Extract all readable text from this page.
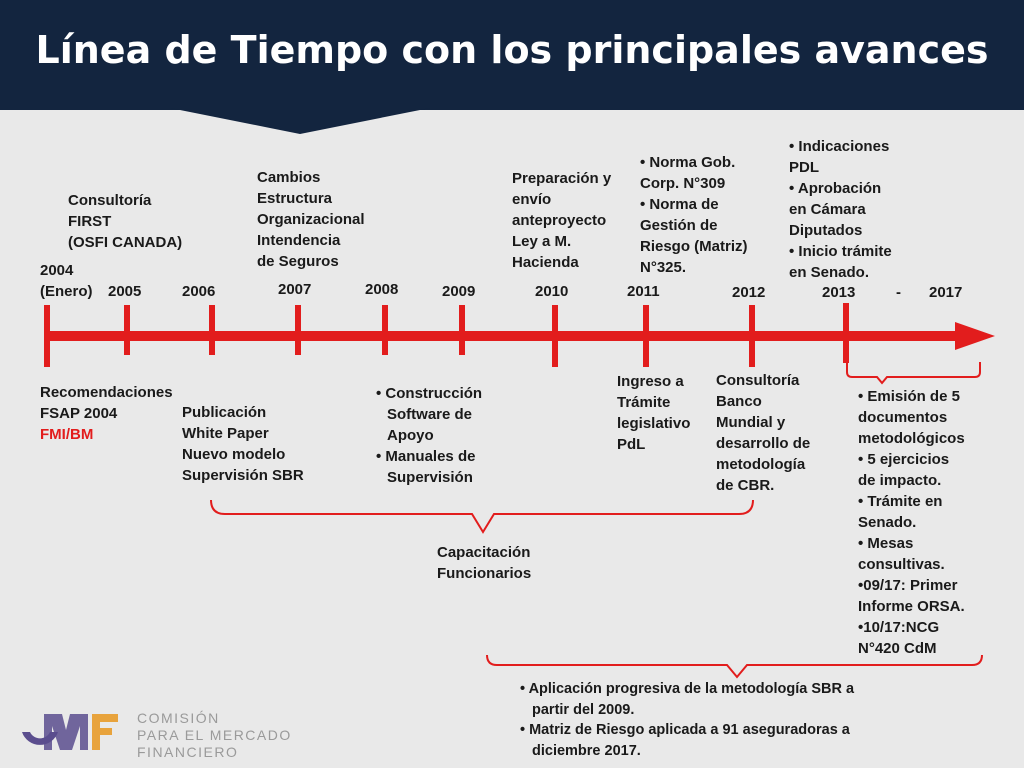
Línea de Tiempo con los principales avances
2004
(Enero) 2005	2006	2007	2008	2009	2010	2011	2012	2013	- 2017
Consultoría
FIRST
(OSFI CANADA)
Cambios
Estructura
Organizacional
Intendencia
de Seguros
Preparación y
envío
anteproyecto
Ley a M.
Hacienda
• Norma Gob.
Corp. N°309
• Norma de
Gestión de
Riesgo (Matriz)
N°325.
• Indicaciones
PDL
• Aprobación
en Cámara
Diputados
• Inicio trámite
en Senado.
Recomendaciones
FSAP 2004
FMI/BM
Publicación
White Paper
Nuevo modelo
Supervisión SBR
• Construcción
Software de
Apoyo
• Manuales de
Supervisión
Ingreso a
Trámite
legislativo
PdL
Consultoría
Banco
Mundial y
desarrollo de
metodología
de CBR.
• Emisión de 5
documentos
metodológicos
• 5 ejercicios
de impacto.
• Trámite en
Senado.
• Mesas
consultivas.
•09/17: Primer
Informe ORSA.
•10/17:NCG
N°420 CdM
Capacitación
Funcionarios
• Aplicación progresiva de la metodología SBR a
partir del 2009.
• Matriz de Riesgo aplicada a 91 aseguradoras a
diciembre 2017.
COMISIÓN
PARA EL MERCADO
FINANCIERO
